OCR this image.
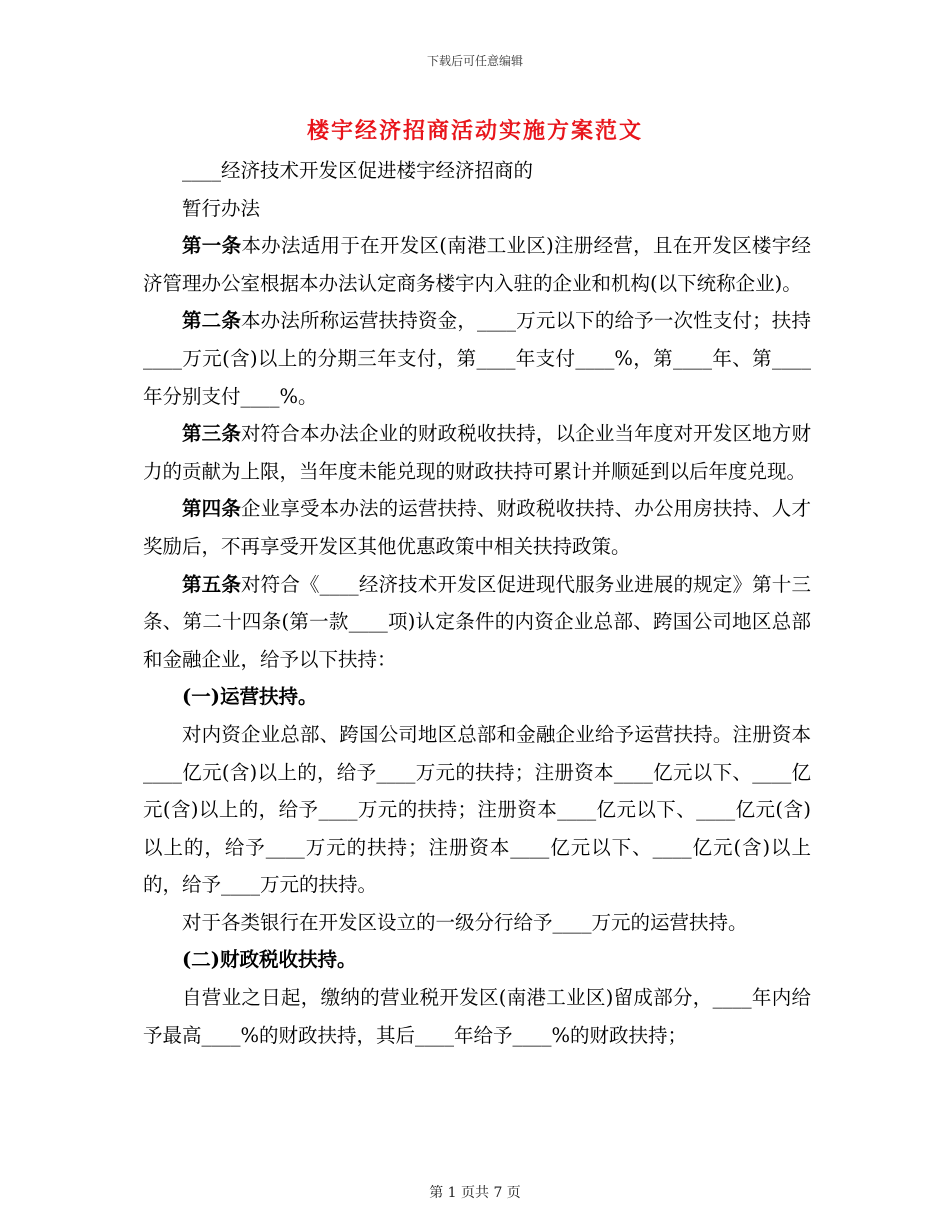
下载后可任意编辑
楼宇经济招商活动实施方案范文

____经济技术开发区促进楼宇经济招商的

暂行办法

第一条本办法适用于在开发区(南港工业区)注册经营，且在开发区楼宇经济管理办公室根据本办法认定商务楼宇内入驻的企业和机构(以下统称企业)。

第二条本办法所称运营扶持资金，____万元以下的给予一次性支付；扶持____万元(含)以上的分期三年支付，第____年支付____%，第____年、第____年分别支付____%。

第三条对符合本办法企业的财政税收扶持，以企业当年度对开发区地方财力的贡献为上限，当年度未能兑现的财政扶持可累计并顺延到以后年度兑现。

第四条企业享受本办法的运营扶持、财政税收扶持、办公用房扶持、人才奖励后，不再享受开发区其他优惠政策中相关扶持政策。

第五条对符合《____经济技术开发区促进现代服务业进展的规定》第十三条、第二十四条(第一款____项)认定条件的内资企业总部、跨国公司地区总部和金融企业，给予以下扶持：

(一)运营扶持。

对内资企业总部、跨国公司地区总部和金融企业给予运营扶持。注册资本____亿元(含)以上的，给予____万元的扶持；注册资本____亿元以下、____亿元(含)以上的，给予____万元的扶持；注册资本____亿元以下、____亿元(含)以上的，给予____万元的扶持；注册资本____亿元以下、____亿元(含)以上的，给予____万元的扶持。

对于各类银行在开发区设立的一级分行给予____万元的运营扶持。

(二)财政税收扶持。

自营业之日起，缴纳的营业税开发区(南港工业区)留成部分，____年内给予最高____%的财政扶持，其后____年给予____%的财政扶持；

第 1 页共 7 页
